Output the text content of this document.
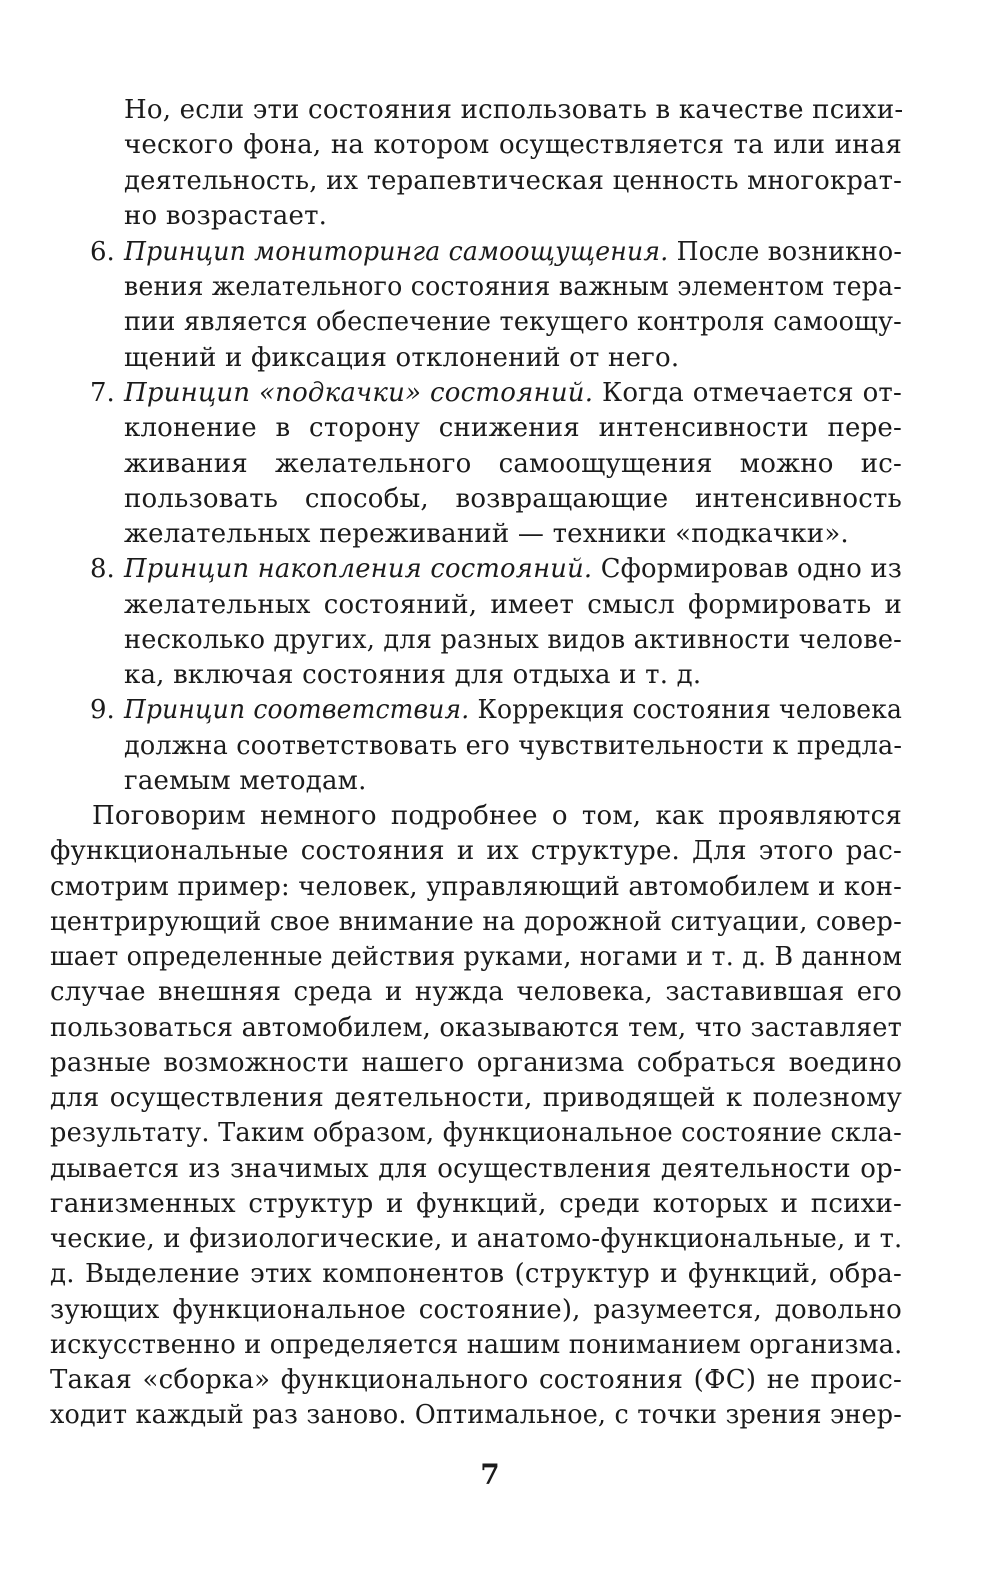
Но, если эти состояния использовать в качестве психи-
ческого фона, на котором осуществляется та или иная
деятельность, их терапевтическая ценность многократ-
но возрастает.
6. Принцип мониторинга самоощущения. После возникно-
вения желательного состояния важным элементом тера-
пии является обеспечение текущего контроля самоощу-
щений и фиксация отклонений от него.
7. Принцип «подкачки» состояний. Когда отмечается от-
клонение в сторону снижения интенсивности пере-
живания желательного самоощущения можно ис-
пользовать способы, возвращающие интенсивность
желательных переживаний — техники «подкачки».
8. Принцип накопления состояний. Сформировав одно из
желательных состояний, имеет смысл формировать и
несколько других, для разных видов активности челове-
ка, включая состояния для отдыха и т. д.
9. Принцип соответствия. Коррекция состояния человека
должна соответствовать его чувствительности к предла-
гаемым методам.
Поговорим немного подробнее о том, как проявляются
функциональные состояния и их структуре. Для этого рас-
смотрим пример: человек, управляющий автомобилем и кон-
центрирующий свое внимание на дорожной ситуации, совер-
шает определенные действия руками, ногами и т. д. В данном
случае внешняя среда и нужда человека, заставившая его
пользоваться автомобилем, оказываются тем, что заставляет
разные возможности нашего организма собраться воедино
для осуществления деятельности, приводящей к полезному
результату. Таким образом, функциональное состояние скла-
дывается из значимых для осуществления деятельности ор-
ганизменных структур и функций, среди которых и психи-
ческие, и физиологические, и анатомо-функциональные, и т.
д. Выделение этих компонентов (структур и функций, обра-
зующих функциональное состояние), разумеется, довольно
искусственно и определяется нашим пониманием организма.
Такая «сборка» функционального состояния (ФС) не проис-
ходит каждый раз заново. Оптимальное, с точки зрения энер-
7
